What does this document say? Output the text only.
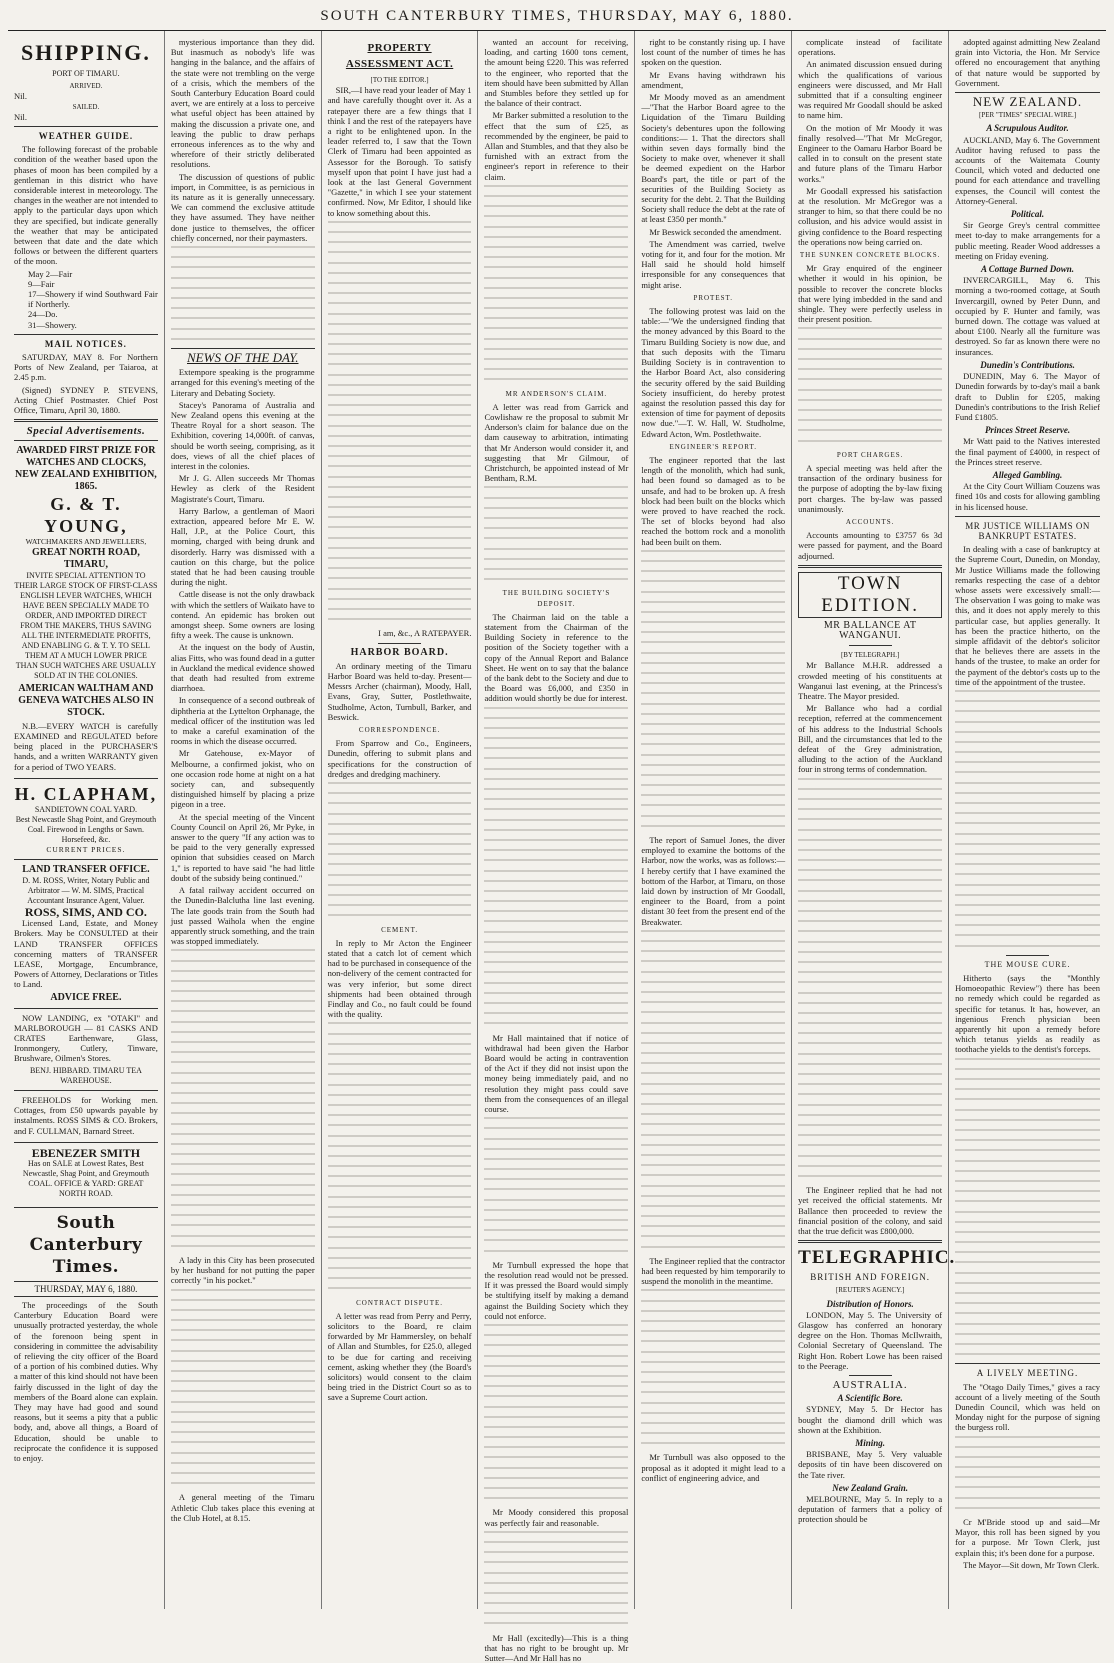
SOUTH CANTERBURY TIMES, THURSDAY, MAY 6, 1880.

SHIPPING.
PORT OF TIMARU.
ARRIVED.
Nil.
SAILED.
Nil.
WEATHER GUIDE.

The following forecast of the probable condition of the weather based upon the phases of moon has been compiled by a gentleman in this district who have considerable interest in meteorology. The changes in the weather are not intended to apply to the particular days upon which they are specified, but indicate generally the weather that may be anticipated between that date and the date which follows or between the different quarters of the moon.

May 2—Fair
9—Fair
17—Showery if wind Southward Fair if Northerly.
24—Do.
31—Showery.
MAIL NOTICES.

SATURDAY, MAY 8. For Northern Ports of New Zealand, per Taiaroa, at 2.45 p.m.

(Signed) SYDNEY P. STEVENS, Acting Chief Postmaster. Chief Post Office, Timaru, April 30, 1880.

Special Advertisements.
AWARDED FIRST PRIZE FOR WATCHES AND CLOCKS, NEW ZEALAND EXHIBITION, 1865.
G. & T. YOUNG,
WATCHMAKERS AND JEWELLERS,
GREAT NORTH ROAD, TIMARU,
INVITE SPECIAL ATTENTION TO THEIR LARGE STOCK OF FIRST-CLASS ENGLISH LEVER WATCHES, WHICH HAVE BEEN SPECIALLY MADE TO ORDER, AND IMPORTED DIRECT FROM THE MAKERS, THUS SAVING ALL THE INTERMEDIATE PROFITS, AND ENABLING G. & T. Y. TO SELL THEM AT A MUCH LOWER PRICE THAN SUCH WATCHES ARE USUALLY SOLD AT IN THE COLONIES.
AMERICAN WALTHAM AND GENEVA WATCHES ALSO IN STOCK.

N.B.—EVERY WATCH is carefully EXAMINED and REGULATED before being placed in the PURCHASER'S hands, and a written WARRANTY given for a period of TWO YEARS.

H. CLAPHAM,
SANDIETOWN COAL YARD.
Best Newcastle Shag Point, and Greymouth Coal. Firewood in Lengths or Sawn. Horsefeed, &c.
CURRENT PRICES.
LAND TRANSFER OFFICE.
D. M. ROSS, Writer, Notary Public and Arbitrator — W. M. SIMS, Practical Accountant Insurance Agent, Valuer.
ROSS, SIMS, AND CO.

Licensed Land, Estate, and Money Brokers. May be CONSULTED at their LAND TRANSFER OFFICES concerning matters of TRANSFER LEASE, Mortgage, Encumbrance, Powers of Attorney, Declarations or Titles to Land.

ADVICE FREE.

NOW LANDING, ex "OTAKI" and MARLBOROUGH — 81 CASKS AND CRATES Earthenware, Glass, Ironmongery, Cutlery, Tinware, Brushware, Oilmen's Stores.

BENJ. HIBBARD. TIMARU TEA WAREHOUSE.

FREEHOLDS for Working men. Cottages, from £50 upwards payable by instalments. ROSS SIMS & CO. Brokers, and F. CULLMAN, Barnard Street.

EBENEZER SMITH
Has on SALE at Lowest Rates, Best Newcastle, Shag Point, and Greymouth COAL. OFFICE & YARD: GREAT NORTH ROAD.
South Canterbury Times.
THURSDAY, MAY 6, 1880.

The proceedings of the South Canterbury Education Board were unusually protracted yesterday, the whole of the forenoon being spent in considering in committee the advisability of relieving the city officer of the Board of a portion of his combined duties. Why a matter of this kind should not have been fairly discussed in the light of day the members of the Board alone can explain. They may have had good and sound reasons, but it seems a pity that a public body, and, above all things, a Board of Education, should be unable to reciprocate the confidence it is supposed to enjoy.

mysterious importance than they did. But inasmuch as nobody's life was hanging in the balance, and the affairs of the state were not trembling on the verge of a crisis, which the members of the South Canterbury Education Board could avert, we are entirely at a loss to perceive what useful object has been attained by making the discussion a private one, and leaving the public to draw perhaps erroneous inferences as to the why and wherefore of their strictly deliberated resolutions.

The discussion of questions of public import, in Committee, is as pernicious in its nature as it is generally unnecessary. We can commend the exclusive attitude they have assumed. They have neither done justice to themselves, the officer chiefly concerned, nor their paymasters.

NEWS OF THE DAY.

Extempore speaking is the programme arranged for this evening's meeting of the Literary and Debating Society.

Stacey's Panorama of Australia and New Zealand opens this evening at the Theatre Royal for a short season. The Exhibition, covering 14,000ft. of canvas, should be worth seeing, comprising, as it does, views of all the chief places of interest in the colonies.

Mr J. G. Allen succeeds Mr Thomas Hewley as clerk of the Resident Magistrate's Court, Timaru.

Harry Barlow, a gentleman of Maori extraction, appeared before Mr E. W. Hall, J.P., at the Police Court, this morning, charged with being drunk and disorderly. Harry was dismissed with a caution on this charge, but the police stated that he had been causing trouble during the night.

Cattle disease is not the only drawback with which the settlers of Waikato have to contend. An epidemic has broken out amongst sheep. Some owners are losing fifty a week. The cause is unknown.

At the inquest on the body of Austin, alias Fitts, who was found dead in a gutter in Auckland the medical evidence showed that death had resulted from extreme diarrhoea.

In consequence of a second outbreak of diphtheria at the Lyttelton Orphanage, the medical officer of the institution was led to make a careful examination of the rooms in which the disease occurred.

Mr Gatehouse, ex-Mayor of Melbourne, a confirmed jokist, who on one occasion rode home at night on a hat society can, and subsequently distinguished himself by placing a prize pigeon in a tree.

At the special meeting of the Vincent County Council on April 26, Mr Pyke, in answer to the query "If any action was to be paid to the very generally expressed opinion that subsidies ceased on March 1," is reported to have said "he had little doubt of the subsidy being continued."

A fatal railway accident occurred on the Dunedin-Balclutha line last evening. The late goods train from the South had just passed Waihola when the engine apparently struck something, and the train was stopped immediately.

A lady in this City has been prosecuted by her husband for not putting the paper correctly "in his pocket."

A general meeting of the Timaru Athletic Club takes place this evening at the Club Hotel, at 8.15.

PROPERTY ASSESSMENT ACT.
[TO THE EDITOR.]

SIR,—I have read your leader of May 1 and have carefully thought over it. As a ratepayer there are a few things that I think I and the rest of the ratepayers have a right to be enlightened upon. In the leader referred to, I saw that the Town Clerk of Timaru had been appointed as Assessor for the Borough. To satisfy myself upon that point I have just had a look at the last General Government "Gazette," in which I see your statement confirmed. Now, Mr Editor, I should like to know something about this.

I am, &c., A RATEPAYER.
HARBOR BOARD.

An ordinary meeting of the Timaru Harbor Board was held to-day. Present—Messrs Archer (chairman), Moody, Hall, Evans, Gray, Sutter, Postlethwaite, Studholme, Acton, Turnbull, Barker, and Beswick.

CORRESPONDENCE.

From Sparrow and Co., Engineers, Dunedin, offering to submit plans and specifications for the construction of dredges and dredging machinery.

CEMENT.

In reply to Mr Acton the Engineer stated that a catch lot of cement which had to be purchased in consequence of the non-delivery of the cement contracted for was very inferior, but some direct shipments had been obtained through Findlay and Co., no fault could be found with the quality.

CONTRACT DISPUTE.

A letter was read from Perry and Perry, solicitors to the Board, re claim forwarded by Mr Hammersley, on behalf of Allan and Stumbles, for £25.0, alleged to be due for carting and receiving cement, asking whether they (the Board's solicitors) would consent to the claim being tried in the District Court so as to save a Supreme Court action.

wanted an account for receiving, loading, and carting 1600 tons cement, the amount being £220. This was referred to the engineer, who reported that the item should have been submitted by Allan and Stumbles before they settled up for the balance of their contract.

Mr Barker submitted a resolution to the effect that the sum of £25, as recommended by the engineer, be paid to Allan and Stumbles, and that they also be furnished with an extract from the engineer's report in reference to their claim.

MR ANDERSON'S CLAIM.

A letter was read from Garrick and Cowlishaw re the proposal to submit Mr Anderson's claim for balance due on the dam causeway to arbitration, intimating that Mr Anderson would consider it, and suggesting that Mr Gilmour, of Christchurch, be appointed instead of Mr Bentham, R.M.

THE BUILDING SOCIETY'S DEPOSIT.

The Chairman laid on the table a statement from the Chairman of the Building Society in reference to the position of the Society together with a copy of the Annual Report and Balance Sheet. He went on to say that the balance of the bank debt to the Society and due to the Board was £6,000, and £350 in addition would shortly be due for interest.

Mr Hall maintained that if notice of withdrawal had been given the Harbor Board would be acting in contravention of the Act if they did not insist upon the money being immediately paid, and no resolution they might pass could save them from the consequences of an illegal course.

Mr Turnbull expressed the hope that the resolution read would not be pressed. If it was pressed the Board would simply be stultifying itself by making a demand against the Building Society which they could not enforce.

Mr Moody considered this proposal was perfectly fair and reasonable.

Mr Hall (excitedly)—This is a thing that has no right to be brought up. Mr Sutter—And Mr Hall has no

right to be constantly rising up. I have lost count of the number of times he has spoken on the question.

Mr Evans having withdrawn his amendment,

Mr Moody moved as an amendment—"That the Harbor Board agree to the Liquidation of the Timaru Building Society's debentures upon the following conditions:— 1. That the directors shall within seven days formally bind the Society to make over, whenever it shall be deemed expedient on the Harbor Board's part, the title or part of the securities of the Building Society as security for the debt. 2. That the Building Society shall reduce the debt at the rate of at least £350 per month."

Mr Beswick seconded the amendment.

The Amendment was carried, twelve voting for it, and four for the motion. Mr Hall said he should hold himself irresponsible for any consequences that might arise.

PROTEST.

The following protest was laid on the table:—"We the undersigned finding that the money advanced by this Board to the Timaru Building Society is now due, and that such deposits with the Timaru Building Society is in contravention to the Harbor Board Act, also considering the security offered by the said Building Society insufficient, do hereby protest against the resolution passed this day for extension of time for payment of deposits now due."—T. W. Hall, W. Studholme, Edward Acton, Wm. Postlethwaite.

ENGINEER'S REPORT.

The engineer reported that the last length of the monolith, which had sunk, had been found so damaged as to be unsafe, and had to be broken up. A fresh block had been built on the blocks which were proved to have reached the rock. The set of blocks beyond had also reached the bottom rock and a monolith had been built on them.

The report of Samuel Jones, the diver employed to examine the bottoms of the Harbor, now the works, was as follows:—I hereby certify that I have examined the bottom of the Harbor, at Timaru, on those laid down by instruction of Mr Goodall, engineer to the Board, from a point distant 30 feet from the present end of the Breakwater.

The Engineer replied that the contractor had been requested by him temporarily to suspend the monolith in the meantime.

Mr Turnbull was also opposed to the proposal as it adopted it might lead to a conflict of engineering advice, and

complicate instead of facilitate operations.

An animated discussion ensued during which the qualifications of various engineers were discussed, and Mr Hall submitted that if a consulting engineer was required Mr Goodall should be asked to name him.

On the motion of Mr Moody it was finally resolved—"That Mr McGregor, Engineer to the Oamaru Harbor Board be called in to consult on the present state and future plans of the Timaru Harbor works."

Mr Goodall expressed his satisfaction at the resolution. Mr McGregor was a stranger to him, so that there could be no collusion, and his advice would assist in giving confidence to the Board respecting the operations now being carried on.

THE SUNKEN CONCRETE BLOCKS.

Mr Gray enquired of the engineer whether it would in his opinion, be possible to recover the concrete blocks that were lying imbedded in the sand and shingle. They were perfectly useless in their present position.

PORT CHARGES.

A special meeting was held after the transaction of the ordinary business for the purpose of adopting the by-law fixing port charges. The by-law was passed unanimously.

ACCOUNTS.

Accounts amounting to £3757 6s 3d were passed for payment, and the Board adjourned.

TOWN EDITION.
MR BALLANCE AT WANGANUI.
[BY TELEGRAPH.]

Mr Ballance M.H.R. addressed a crowded meeting of his constituents at Wanganui last evening, at the Princess's Theatre. The Mayor presided.

Mr Ballance who had a cordial reception, referred at the commencement of his address to the Industrial Schools Bill, and the circumstances that led to the defeat of the Grey administration, alluding to the action of the Auckland four in strong terms of condemnation.

The Engineer replied that he had not yet received the official statements. Mr Ballance then proceeded to review the financial position of the colony, and said that the true deficit was £800,000.

TELEGRAPHIC.
BRITISH AND FOREIGN.
[REUTER'S AGENCY.]
Distribution of Honors.

LONDON, May 5. The University of Glasgow has conferred an honorary degree on the Hon. Thomas McIlwraith, Colonial Secretary of Queensland. The Right Hon. Robert Lowe has been raised to the Peerage.

AUSTRALIA.
A Scientific Bore.

SYDNEY, May 5. Dr Hector has bought the diamond drill which was shown at the Exhibition.

Mining.

BRISBANE, May 5. Very valuable deposits of tin have been discovered on the Tate river.

New Zealand Grain.

MELBOURNE, May 5. In reply to a deputation of farmers that a policy of protection should be

adopted against admitting New Zealand grain into Victoria, the Hon. Mr Service offered no encouragement that anything of that nature would be supported by Government.

NEW ZEALAND.
[PER "TIMES" SPECIAL WIRE.]
A Scrupulous Auditor.

AUCKLAND, May 6. The Government Auditor having refused to pass the accounts of the Waitemata County Council, which voted and deducted one pound for each attendance and travelling expenses, the Council will contest the Attorney-General.

Political.

Sir George Grey's central committee meet to-day to make arrangements for a public meeting. Reader Wood addresses a meeting on Friday evening.

A Cottage Burned Down.

INVERCARGILL, May 6. This morning a two-roomed cottage, at South Invercargill, owned by Peter Dunn, and occupied by F. Hunter and family, was burned down. The cottage was valued at about £100. Nearly all the furniture was destroyed. So far as known there were no insurances.

Dunedin's Contributions.

DUNEDIN, May 6. The Mayor of Dunedin forwards by to-day's mail a bank draft to Dublin for £205, making Dunedin's contributions to the Irish Relief Fund £1805.

Princes Street Reserve.

Mr Watt paid to the Natives interested the final payment of £4000, in respect of the Princes street reserve.

Alleged Gambling.

At the City Court William Couzens was fined 10s and costs for allowing gambling in his licensed house.

MR JUSTICE WILLIAMS ON BANKRUPT ESTATES.

In dealing with a case of bankruptcy at the Supreme Court, Dunedin, on Monday, Mr Justice Williams made the following remarks respecting the case of a debtor whose assets were excessively small:—The observation I was going to make was this, and it does not apply merely to this particular case, but applies generally. It has been the practice hitherto, on the simple affidavit of the debtor's solicitor that he believes there are assets in the hands of the trustee, to make an order for the payment of the debtor's costs up to the time of the appointment of the trustee.

THE MOUSE CURE.

Hitherto (says the "Monthly Homoeopathic Review") there has been no remedy which could be regarded as specific for tetanus. It has, however, an ingenious French physician been apparently hit upon a remedy before which tetanus yields as readily as toothache yields to the dentist's forceps.

A LIVELY MEETING.

The "Otago Daily Times," gives a racy account of a lively meeting of the South Dunedin Council, which was held on Monday night for the purpose of signing the burgess roll.

Cr M'Bride stood up and said—Mr Mayor, this roll has been signed by you for a purpose. Mr Town Clerk, just explain this; it's been done for a purpose.

The Mayor—Sit down, Mr Town Clerk.
